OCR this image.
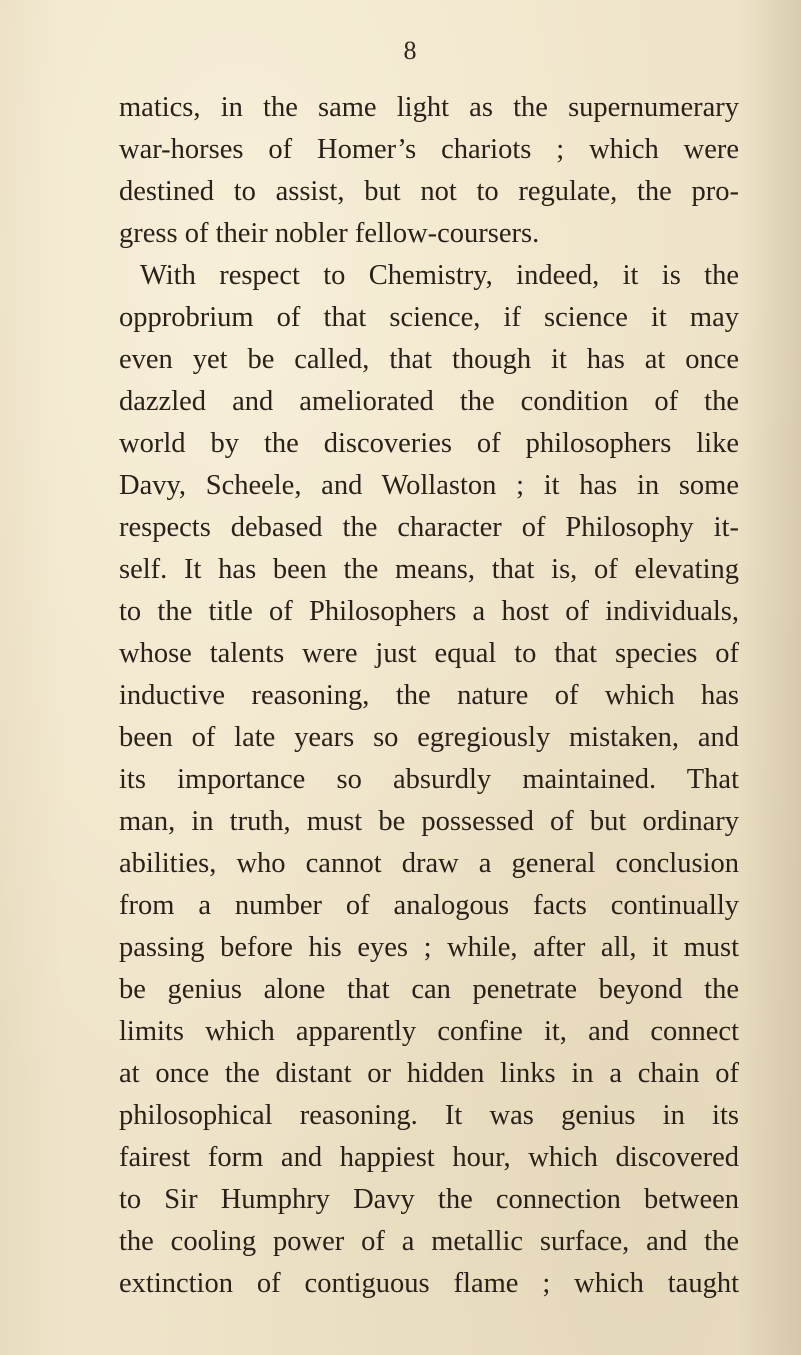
8
matics, in the same light as the supernumerary
war-horses of Homer’s chariots ; which were
destined to assist, but not to regulate, the pro-
gress of their nobler fellow-coursers.
With respect to Chemistry, indeed, it is the
opprobrium of that science, if science it may
even yet be called, that though it has at once
dazzled and ameliorated the condition of the
world by the discoveries of philosophers like
Davy, Scheele, and Wollaston ; it has in some
respects debased the character of Philosophy it-
self. It has been the means, that is, of elevating
to the title of Philosophers a host of individuals,
whose talents were just equal to that species of
inductive reasoning, the nature of which has
been of late years so egregiously mistaken, and
its importance so absurdly maintained. That
man, in truth, must be possessed of but ordinary
abilities, who cannot draw a general conclusion
from a number of analogous facts continually
passing before his eyes ; while, after all, it must
be genius alone that can penetrate beyond the
limits which apparently confine it, and connect
at once the distant or hidden links in a chain of
philosophical reasoning. It was genius in its
fairest form and happiest hour, which discovered
to Sir Humphry Davy the connection between
the cooling power of a metallic surface, and the
extinction of contiguous flame ; which taught
